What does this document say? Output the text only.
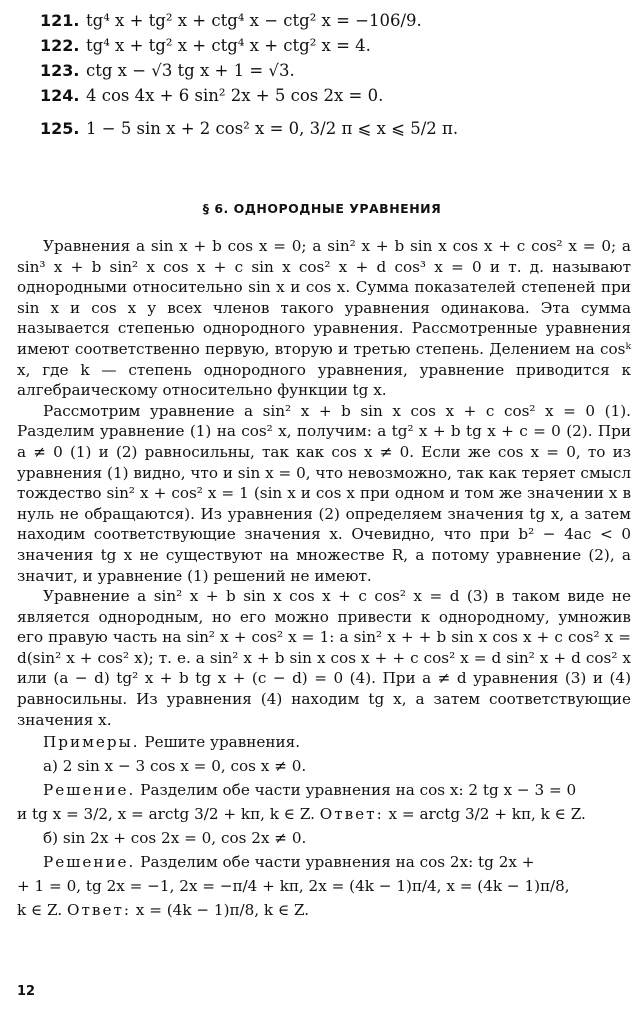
121. tg⁴ x + tg² x + ctg⁴ x − ctg² x = −106/9.
122. tg⁴ x + tg² x + ctg⁴ x + ctg² x = 4.
123. ctg x − √3 tg x + 1 = √3.
124. 4 cos 4x + 6 sin² 2x + 5 cos 2x = 0.
125. 1 − 5 sin x + 2 cos² x = 0, 3/2 π ⩽ x ⩽ 5/2 π.
§ 6. ОДНОРОДНЫЕ УРАВНЕНИЯ

Уравнения a sin x + b cos x = 0; a sin² x + b sin x cos x + c cos² x = 0; a sin³ x + b sin² x cos x + c sin x cos² x + d cos³ x = 0 и т. д. называют однородными относительно sin x и cos x. Сумма показателей степеней при sin x и cos x у всех членов такого уравнения одинакова. Эта сумма называется степенью однородного уравнения. Рассмотренные уравнения имеют соответственно первую, вторую и третью степень. Делением на cosᵏ x, где k — степень однородного уравнения, уравнение приводится к алгебраическому относительно функции tg x.

Рассмотрим уравнение a sin² x + b sin x cos x + c cos² x = 0 (1). Разделим уравнение (1) на cos² x, получим: a tg² x + b tg x + c = 0 (2). При a ≠ 0 (1) и (2) равносильны, так как cos x ≠ 0. Если же cos x = 0, то из уравнения (1) видно, что и sin x = 0, что невозможно, так как теряет смысл тождество sin² x + cos² x = 1 (sin x и cos x при одном и том же значении x в нуль не обращаются). Из уравнения (2) определяем значения tg x, а затем находим соответствующие значения x. Очевидно, что при b² − 4ac < 0 значения tg x не существуют на множестве R, а потому уравнение (2), а значит, и уравнение (1) решений не имеют.

Уравнение a sin² x + b sin x cos x + c cos² x = d (3) в таком виде не является однородным, но его можно привести к однородному, умножив его правую часть на sin² x + cos² x = 1: a sin² x + + b sin x cos x + c cos² x = d(sin² x + cos² x); т. е. a sin² x + b sin x cos x + + c cos² x = d sin² x + d cos² x или (a − d) tg² x + b tg x + (c − d) = 0 (4). При a ≠ d уравнения (3) и (4) равносильны. Из уравнения (4) находим tg x, а затем соответствующие значения x.

Примеры. Решите уравнения.
а) 2 sin x − 3 cos x = 0, cos x ≠ 0.
Решение. Разделим обе части уравнения на cos x: 2 tg x − 3 = 0
и tg x = 3/2, x = arctg 3/2 + kπ, k ∈ Z. Ответ: x = arctg 3/2 + kπ, k ∈ Z.
б) sin 2x + cos 2x = 0, cos 2x ≠ 0.
Решение. Разделим обе части уравнения на cos 2x: tg 2x +
+ 1 = 0, tg 2x = −1, 2x = −π/4 + kπ, 2x = (4k − 1)π/4, x = (4k − 1)π/8,
k ∈ Z. Ответ: x = (4k − 1)π/8, k ∈ Z.
12
